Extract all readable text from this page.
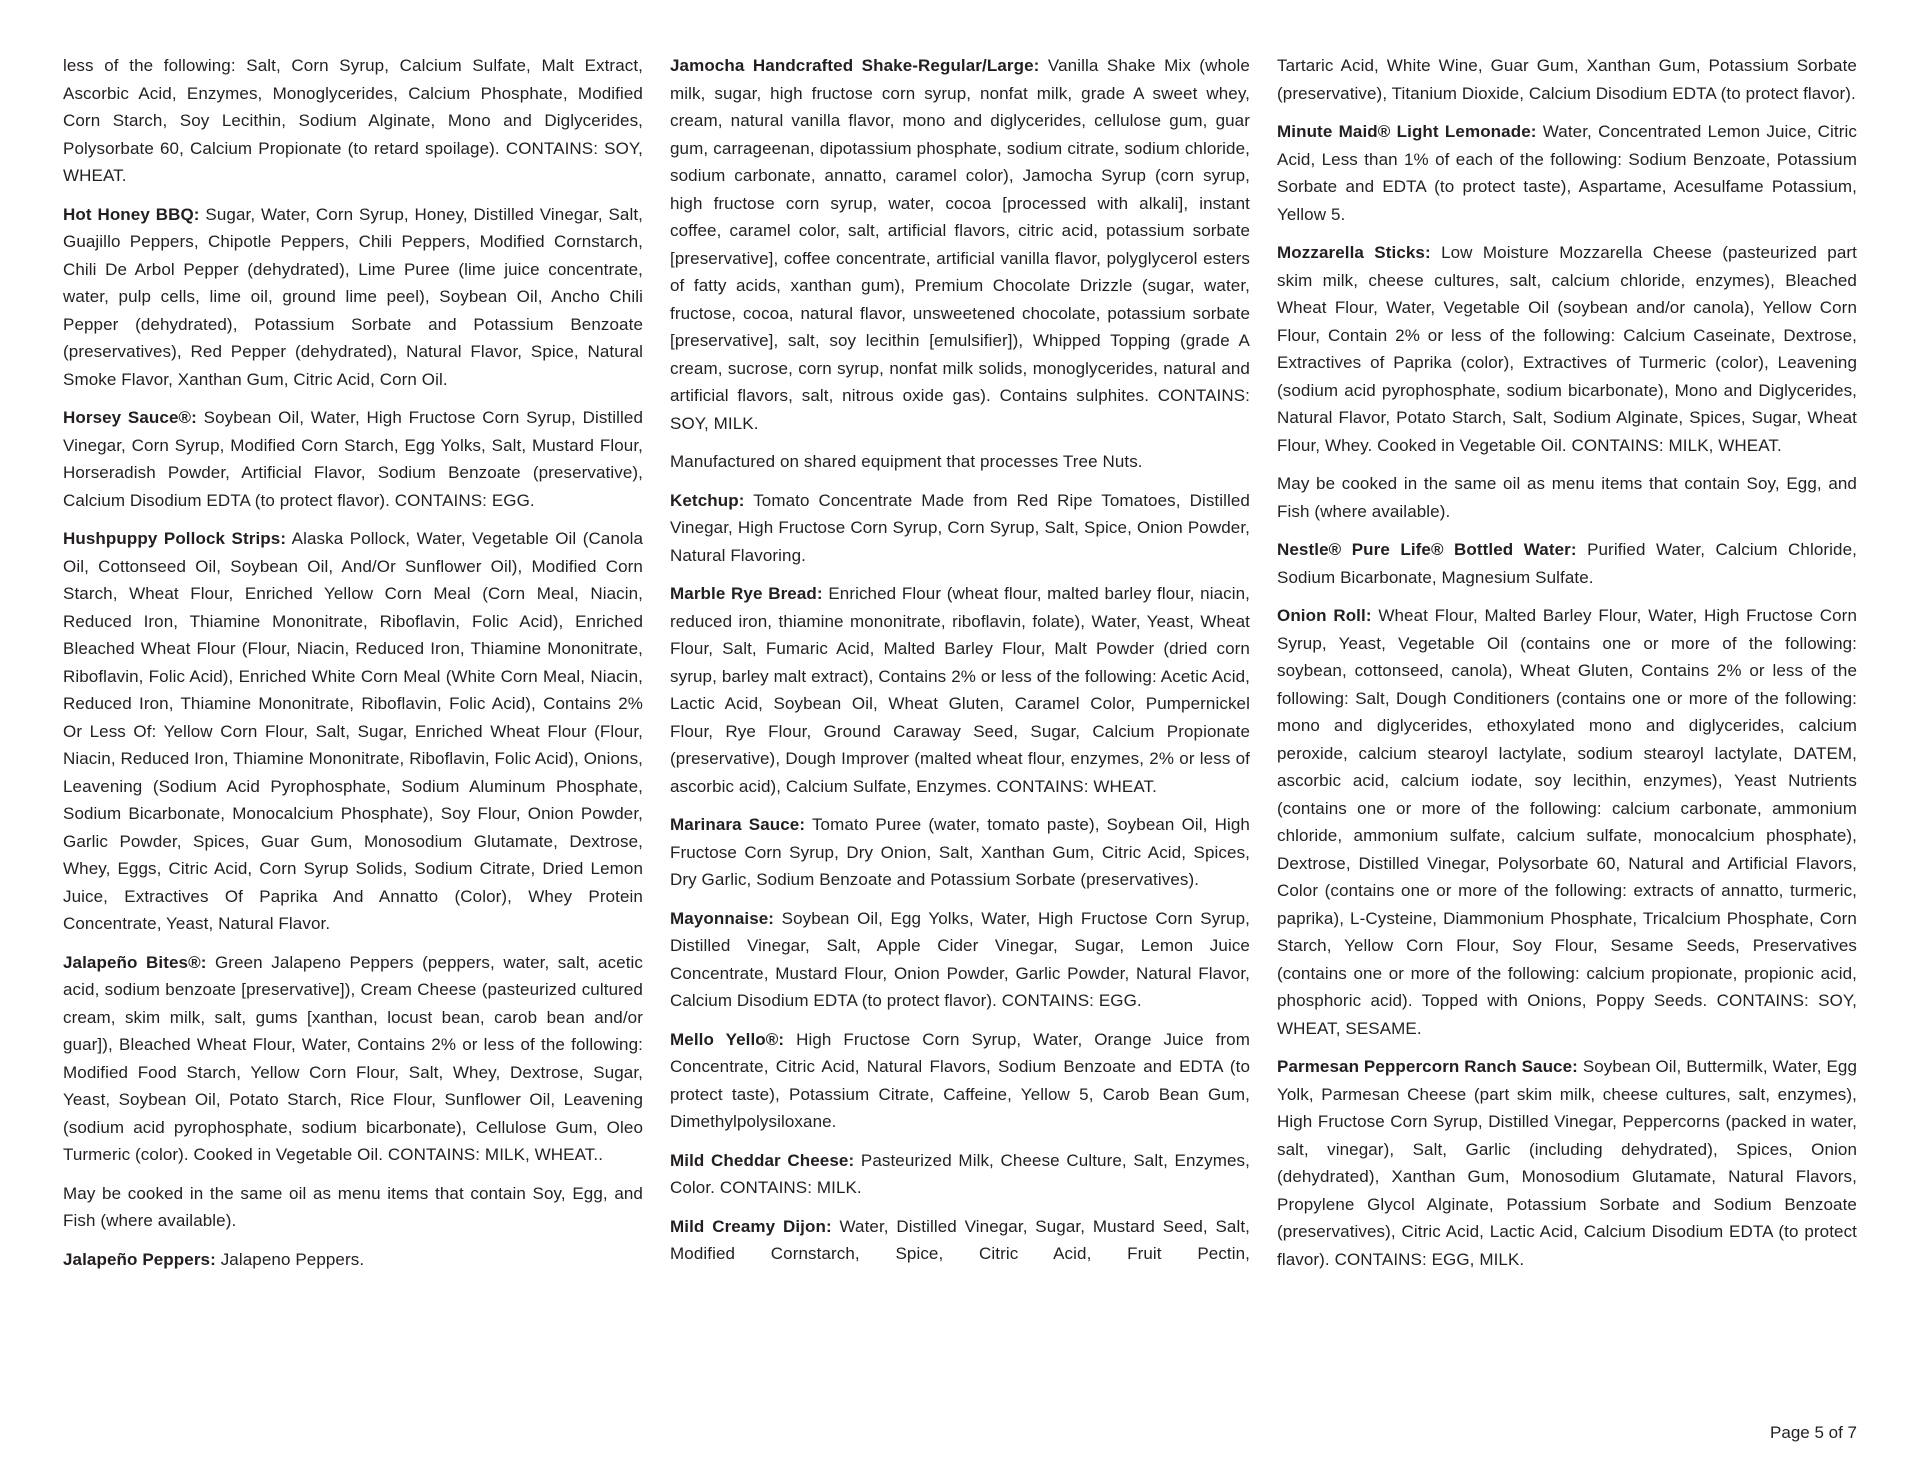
less of the following: Salt, Corn Syrup, Calcium Sulfate, Malt Extract, Ascorbic Acid, Enzymes, Monoglycerides, Calcium Phosphate, Modified Corn Starch, Soy Lecithin, Sodium Alginate, Mono and Diglycerides, Polysorbate 60, Calcium Propionate (to retard spoilage). CONTAINS: SOY, WHEAT.

Hot Honey BBQ: Sugar, Water, Corn Syrup, Honey, Distilled Vinegar, Salt, Guajillo Peppers, Chipotle Peppers, Chili Peppers, Modified Cornstarch, Chili De Arbol Pepper (dehydrated), Lime Puree (lime juice concentrate, water, pulp cells, lime oil, ground lime peel), Soybean Oil, Ancho Chili Pepper (dehydrated), Potassium Sorbate and Potassium Benzoate (preservatives), Red Pepper (dehydrated), Natural Flavor, Spice, Natural Smoke Flavor, Xanthan Gum, Citric Acid, Corn Oil.

Horsey Sauce®: Soybean Oil, Water, High Fructose Corn Syrup, Distilled Vinegar, Corn Syrup, Modified Corn Starch, Egg Yolks, Salt, Mustard Flour, Horseradish Powder, Artificial Flavor, Sodium Benzoate (preservative), Calcium Disodium EDTA (to protect flavor). CONTAINS: EGG.

Hushpuppy Pollock Strips: Alaska Pollock, Water, Vegetable Oil (Canola Oil, Cottonseed Oil, Soybean Oil, And/Or Sunflower Oil), Modified Corn Starch, Wheat Flour, Enriched Yellow Corn Meal (Corn Meal, Niacin, Reduced Iron, Thiamine Mononitrate, Riboflavin, Folic Acid), Enriched Bleached Wheat Flour (Flour, Niacin, Reduced Iron, Thiamine Mononitrate, Riboflavin, Folic Acid), Enriched White Corn Meal (White Corn Meal, Niacin, Reduced Iron, Thiamine Mononitrate, Riboflavin, Folic Acid), Contains 2% Or Less Of: Yellow Corn Flour, Salt, Sugar, Enriched Wheat Flour (Flour, Niacin, Reduced Iron, Thiamine Mononitrate, Riboflavin, Folic Acid), Onions, Leavening (Sodium Acid Pyrophosphate, Sodium Aluminum Phosphate, Sodium Bicarbonate, Monocalcium Phosphate), Soy Flour, Onion Powder, Garlic Powder, Spices, Guar Gum, Monosodium Glutamate, Dextrose, Whey, Eggs, Citric Acid, Corn Syrup Solids, Sodium Citrate, Dried Lemon Juice, Extractives Of Paprika And Annatto (Color), Whey Protein Concentrate, Yeast, Natural Flavor.

Jalapeño Bites®: Green Jalapeno Peppers (peppers, water, salt, acetic acid, sodium benzoate [preservative]), Cream Cheese (pasteurized cultured cream, skim milk, salt, gums [xanthan, locust bean, carob bean and/or guar]), Bleached Wheat Flour, Water, Contains 2% or less of the following: Modified Food Starch, Yellow Corn Flour, Salt, Whey, Dextrose, Sugar, Yeast, Soybean Oil, Potato Starch, Rice Flour, Sunflower Oil, Leavening (sodium acid pyrophosphate, sodium bicarbonate), Cellulose Gum, Oleo Turmeric (color). Cooked in Vegetable Oil. CONTAINS: MILK, WHEAT..

May be cooked in the same oil as menu items that contain Soy, Egg, and Fish (where available).

Jalapeño Peppers: Jalapeno Peppers.

Jamocha Handcrafted Shake-Regular/Large: Vanilla Shake Mix (whole milk, sugar, high fructose corn syrup, nonfat milk, grade A sweet whey, cream, natural vanilla flavor, mono and diglycerides, cellulose gum, guar gum, carrageenan, dipotassium phosphate, sodium citrate, sodium chloride, sodium carbonate, annatto, caramel color), Jamocha Syrup (corn syrup, high fructose corn syrup, water, cocoa [processed with alkali], instant coffee, caramel color, salt, artificial flavors, citric acid, potassium sorbate [preservative], coffee concentrate, artificial vanilla flavor, polyglycerol esters of fatty acids, xanthan gum), Premium Chocolate Drizzle (sugar, water, fructose, cocoa, natural flavor, unsweetened chocolate, potassium sorbate [preservative], salt, soy lecithin [emulsifier]), Whipped Topping (grade A cream, sucrose, corn syrup, nonfat milk solids, monoglycerides, natural and artificial flavors, salt, nitrous oxide gas). Contains sulphites. CONTAINS: SOY, MILK.

Manufactured on shared equipment that processes Tree Nuts.

Ketchup: Tomato Concentrate Made from Red Ripe Tomatoes, Distilled Vinegar, High Fructose Corn Syrup, Corn Syrup, Salt, Spice, Onion Powder, Natural Flavoring.

Marble Rye Bread: Enriched Flour (wheat flour, malted barley flour, niacin, reduced iron, thiamine mononitrate, riboflavin, folate), Water, Yeast, Wheat Flour, Salt, Fumaric Acid, Malted Barley Flour, Malt Powder (dried corn syrup, barley malt extract), Contains 2% or less of the following: Acetic Acid, Lactic Acid, Soybean Oil, Wheat Gluten, Caramel Color, Pumpernickel Flour, Rye Flour, Ground Caraway Seed, Sugar, Calcium Propionate (preservative), Dough Improver (malted wheat flour, enzymes, 2% or less of ascorbic acid), Calcium Sulfate, Enzymes. CONTAINS: WHEAT.

Marinara Sauce: Tomato Puree (water, tomato paste), Soybean Oil, High Fructose Corn Syrup, Dry Onion, Salt, Xanthan Gum, Citric Acid, Spices, Dry Garlic, Sodium Benzoate and Potassium Sorbate (preservatives).

Mayonnaise: Soybean Oil, Egg Yolks, Water, High Fructose Corn Syrup, Distilled Vinegar, Salt, Apple Cider Vinegar, Sugar, Lemon Juice Concentrate, Mustard Flour, Onion Powder, Garlic Powder, Natural Flavor, Calcium Disodium EDTA (to protect flavor). CONTAINS: EGG.

Mello Yello®: High Fructose Corn Syrup, Water, Orange Juice from Concentrate, Citric Acid, Natural Flavors, Sodium Benzoate and EDTA (to protect taste), Potassium Citrate, Caffeine, Yellow 5, Carob Bean Gum, Dimethylpolysiloxane.

Mild Cheddar Cheese: Pasteurized Milk, Cheese Culture, Salt, Enzymes, Color. CONTAINS: MILK.

Mild Creamy Dijon: Water, Distilled Vinegar, Sugar, Mustard Seed, Salt, Modified Cornstarch, Spice, Citric Acid, Fruit Pectin,

Tartaric Acid, White Wine, Guar Gum, Xanthan Gum, Potassium Sorbate (preservative), Titanium Dioxide, Calcium Disodium EDTA (to protect flavor).

Minute Maid® Light Lemonade: Water, Concentrated Lemon Juice, Citric Acid, Less than 1% of each of the following: Sodium Benzoate, Potassium Sorbate and EDTA (to protect taste), Aspartame, Acesulfame Potassium, Yellow 5.

Mozzarella Sticks: Low Moisture Mozzarella Cheese (pasteurized part skim milk, cheese cultures, salt, calcium chloride, enzymes), Bleached Wheat Flour, Water, Vegetable Oil (soybean and/or canola), Yellow Corn Flour, Contain 2% or less of the following: Calcium Caseinate, Dextrose, Extractives of Paprika (color), Extractives of Turmeric (color), Leavening (sodium acid pyrophosphate, sodium bicarbonate), Mono and Diglycerides, Natural Flavor, Potato Starch, Salt, Sodium Alginate, Spices, Sugar, Wheat Flour, Whey. Cooked in Vegetable Oil. CONTAINS: MILK, WHEAT.

May be cooked in the same oil as menu items that contain Soy, Egg, and Fish (where available).

Nestle® Pure Life® Bottled Water: Purified Water, Calcium Chloride, Sodium Bicarbonate, Magnesium Sulfate.

Onion Roll: Wheat Flour, Malted Barley Flour, Water, High Fructose Corn Syrup, Yeast, Vegetable Oil (contains one or more of the following: soybean, cottonseed, canola), Wheat Gluten, Contains 2% or less of the following: Salt, Dough Conditioners (contains one or more of the following: mono and diglycerides, ethoxylated mono and diglycerides, calcium peroxide, calcium stearoyl lactylate, sodium stearoyl lactylate, DATEM, ascorbic acid, calcium iodate, soy lecithin, enzymes), Yeast Nutrients (contains one or more of the following: calcium carbonate, ammonium chloride, ammonium sulfate, calcium sulfate, monocalcium phosphate), Dextrose, Distilled Vinegar, Polysorbate 60, Natural and Artificial Flavors, Color (contains one or more of the following: extracts of annatto, turmeric, paprika), L-Cysteine, Diammonium Phosphate, Tricalcium Phosphate, Corn Starch, Yellow Corn Flour, Soy Flour, Sesame Seeds, Preservatives (contains one or more of the following: calcium propionate, propionic acid, phosphoric acid). Topped with Onions, Poppy Seeds. CONTAINS: SOY, WHEAT, SESAME.

Parmesan Peppercorn Ranch Sauce: Soybean Oil, Buttermilk, Water, Egg Yolk, Parmesan Cheese (part skim milk, cheese cultures, salt, enzymes), High Fructose Corn Syrup, Distilled Vinegar, Peppercorns (packed in water, salt, vinegar), Salt, Garlic (including dehydrated), Spices, Onion (dehydrated), Xanthan Gum, Monosodium Glutamate, Natural Flavors, Propylene Glycol Alginate, Potassium Sorbate and Sodium Benzoate (preservatives), Citric Acid, Lactic Acid, Calcium Disodium EDTA (to protect flavor). CONTAINS: EGG, MILK.

Page 5 of 7
